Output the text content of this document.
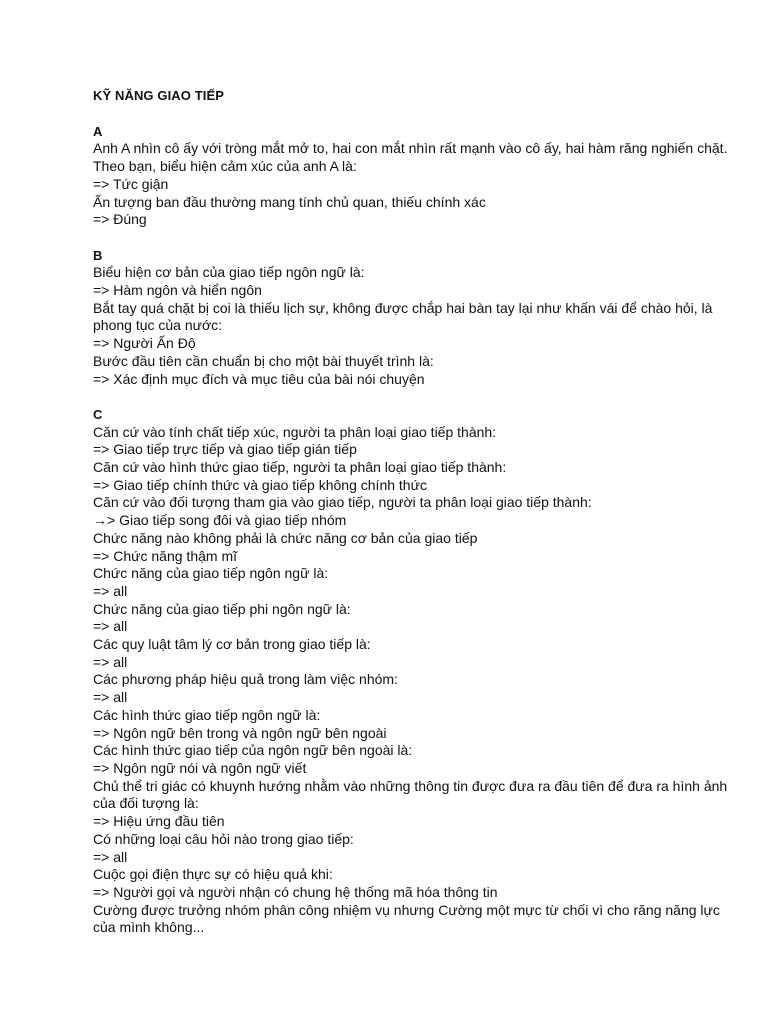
KỸ NĂNG GIAO TIẾP
A
Anh A nhìn cô ấy với tròng mắt mở to, hai con mắt nhìn rất mạnh vào cô ấy, hai hàm răng nghiến chặt. Theo bạn, biểu hiện cảm xúc của anh A là:
=> Tức giận
Ấn tượng ban đầu thường mang tính chủ quan, thiếu chính xác
=> Đúng
B
Biểu hiện cơ bản của giao tiếp ngôn ngữ là:
=> Hàm ngôn và hiển ngôn
Bắt tay quá chặt bị coi là thiếu lịch sự, không được chắp hai bàn tay lại như khấn vái để chào hỏi, là phong tục của nước:
=> Người Ấn Độ
Bước đầu tiên cần chuẩn bị cho một bài thuyết trình là:
=> Xác định mục đích và mục tiêu của bài nói chuyện
C
Căn cứ vào tính chất tiếp xúc, người ta phân loại giao tiếp thành:
=> Giao tiếp trực tiếp và giao tiếp gián tiếp
Căn cứ vào hình thức giao tiếp, người ta phân loại giao tiếp thành:
=> Giao tiếp chính thức và giao tiếp không chính thức
Căn cứ vào đối tượng tham gia vào giao tiếp, người ta phân loại giao tiếp thành:
→> Giao tiếp song đôi và giao tiếp nhóm
Chức năng nào không phải là chức năng cơ bản của giao tiếp
=> Chức năng thậm mĩ
Chức năng của giao tiếp ngôn ngữ là:
=> all
Chức năng của giao tiếp phi ngôn ngữ là:
=> all
Các quy luật tâm lý cơ bản trong giao tiếp là:
=> all
Các phương pháp hiệu quả trong làm việc nhóm:
=> all
Các hình thức giao tiếp ngôn ngữ là:
=> Ngôn ngữ bên trong và ngôn ngữ bên ngoài
Các hình thức giao tiếp của ngôn ngữ bên ngoài là:
=> Ngôn ngữ nói và ngôn ngữ viết
Chủ thể tri giác có khuynh hướng nhằm vào những thông tin được đưa ra đầu tiên để đưa ra hình ảnh của đối tượng là:
=> Hiệu ứng đầu tiên
Có những loại câu hỏi nào trong giao tiếp:
=> all
Cuộc gọi điện thực sự có hiệu quả khi:
=> Người gọi và người nhận có chung hệ thống mã hóa thông tin
Cường được trưởng nhóm phân công nhiệm vụ nhưng Cường một mực từ chối vì cho răng năng lực của mình không...
